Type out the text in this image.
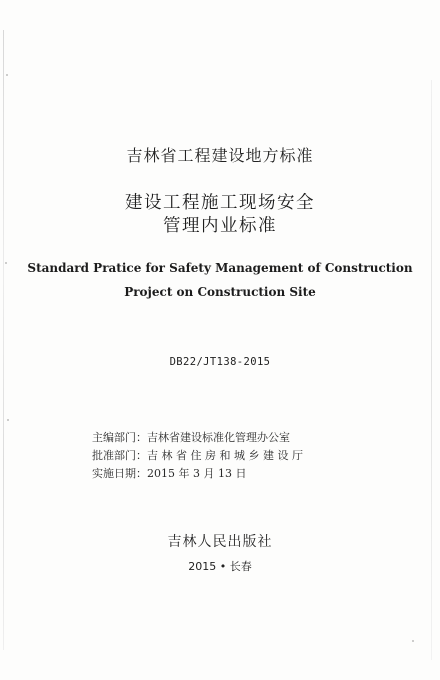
吉林省工程建设地方标准
建设工程施工现场安全
管理内业标准
Standard Pratice for Safety Management of Construction
Project on Construction Site
DB22/JT138-2015
主编部门：吉林省建设标准化管理办公室
批准部门：吉 林 省 住 房 和 城 乡 建 设 厅
实施日期：2015 年 3 月 13 日
吉林人民出版社
2015 • 长春
